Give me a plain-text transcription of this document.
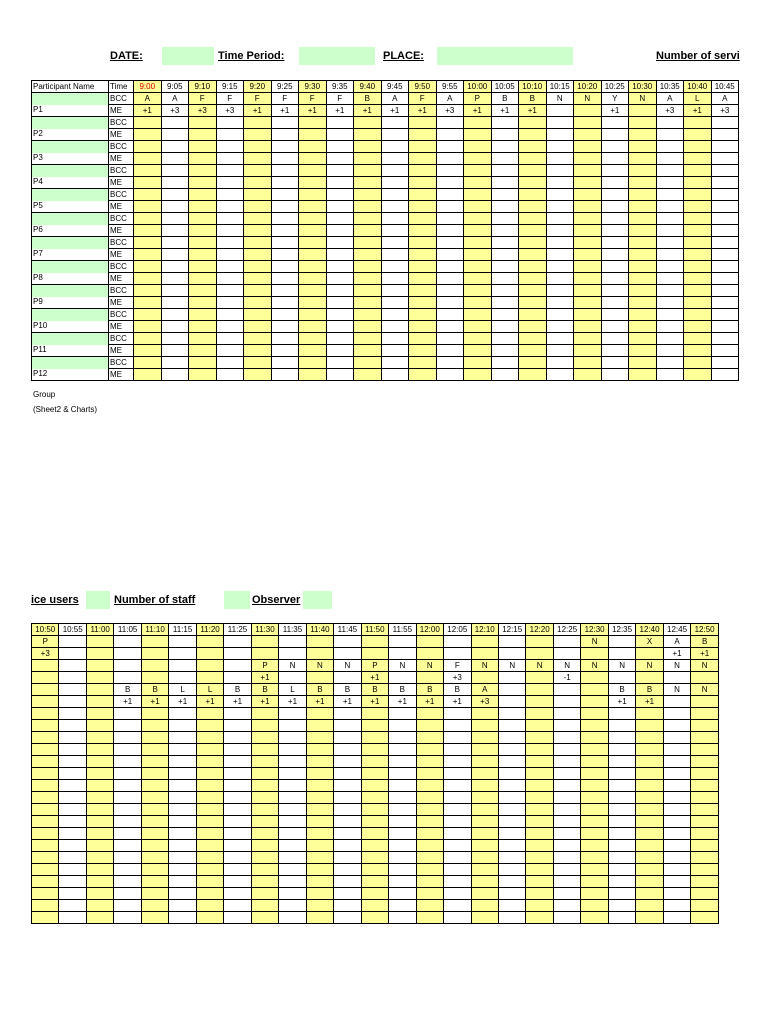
DATE:	Time Period:	PLACE:	Number of servi
Participant Name	Time	9:00	9:05	9:10	9:15	9:20	9:25	9:30	9:35	9:40	9:45	9:50	9:55	10:00	10:05	10:10	10:15	10:20	10:25	10:30	10:35	10:40	10:45
	BCC	A	A	F	F	F	F	F	F	B	A	F	A	P	B	B	N	N	Y	N	A	L	A
P1	ME	+1	+3	+3	+3	+1	+1	+1	+1	+1	+1	+1	+3	+1	+1	+1			+1		+3	+1	+3
	BCC																						
P2	ME																						
	BCC																						
P3	ME																						
	BCC																						
P4	ME																						
	BCC																						
P5	ME																						
	BCC																						
P6	ME																						
	BCC																						
P7	ME																						
	BCC																						
P8	ME																						
	BCC																						
P9	ME																						
	BCC																						
P10	ME																						
	BCC																						
P11	ME																						
	BCC																						
P12	ME																						
Group
(Sheet2 & Charts)
ice users	Number of staff	Observer
10:50	10:55	11:00	11:05	11:10	11:15	11:20	11:25	11:30	11:35	11:40	11:45	11:50	11:55	12:00	12:05	12:10	12:15	12:20	12:25	12:30	12:35	12:40	12:45	12:50
P																				N		X	A	B
+3																							+1	+1
								P	N	N	N	P	N	N	F	N	N	N	N	N	N	N	N	N
								+1				+1			+3				-1					
			B	B	L	L	B	B	L	B	B	B	B	B	B	A					B	B	N	N
			+1	+1	+1	+1	+1	+1	+1	+1	+1	+1	+1	+1	+1	+3					+1	+1		
